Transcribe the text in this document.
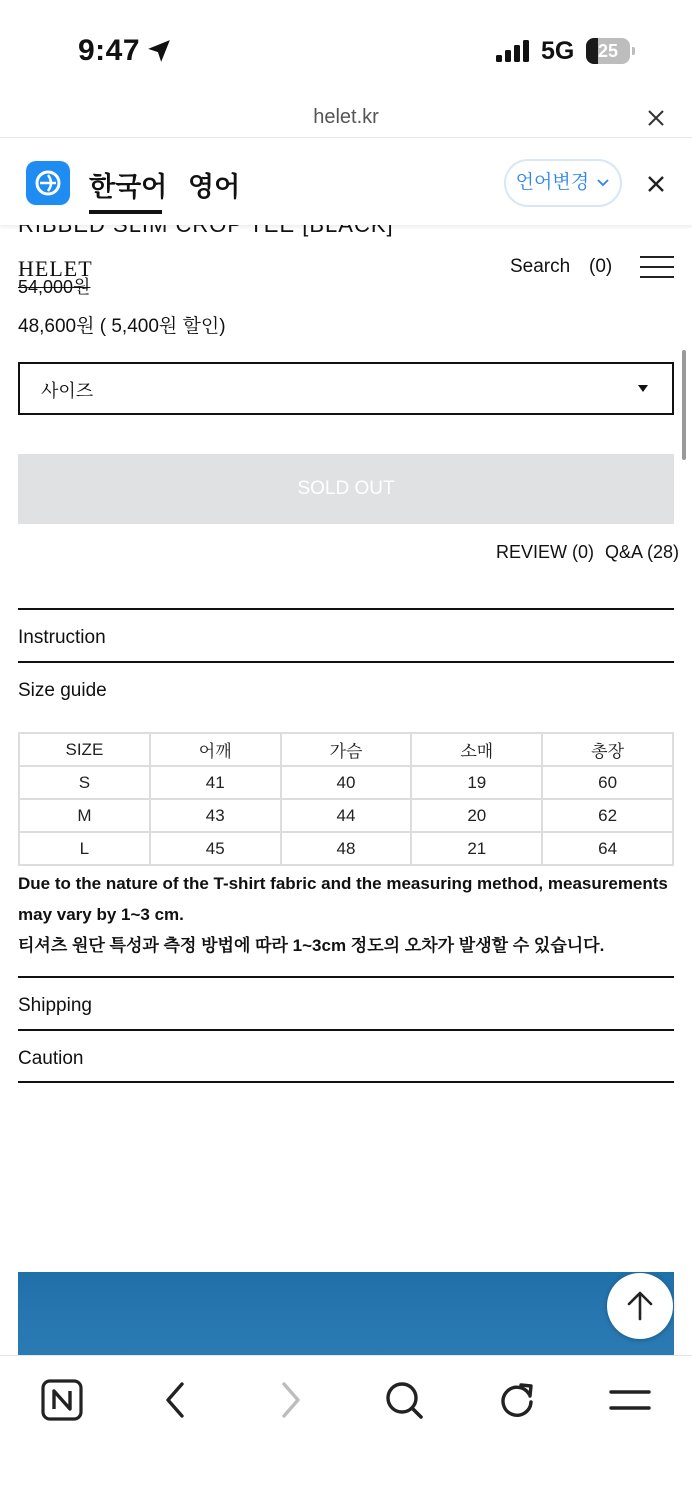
9:47	5G	25
helet.kr
한국어 영어	언어변경
HELET	Search (0)
54,000원
48,600원 ( 5,400원 할인)
사이즈
SOLD OUT
REVIEW (0) Q&A (28)
Instruction
Size guide
SIZE	어깨	가슴	소매	총장
S	41	40	19	60
M	43	44	20	62
L	45	48	21	64
Due to the nature of the T-shirt fabric and the measuring method, measurements may vary by 1~3 cm.
티셔츠 원단 특성과 측정 방법에 따라 1~3cm 정도의 오차가 발생할 수 있습니다.
Shipping
Caution
